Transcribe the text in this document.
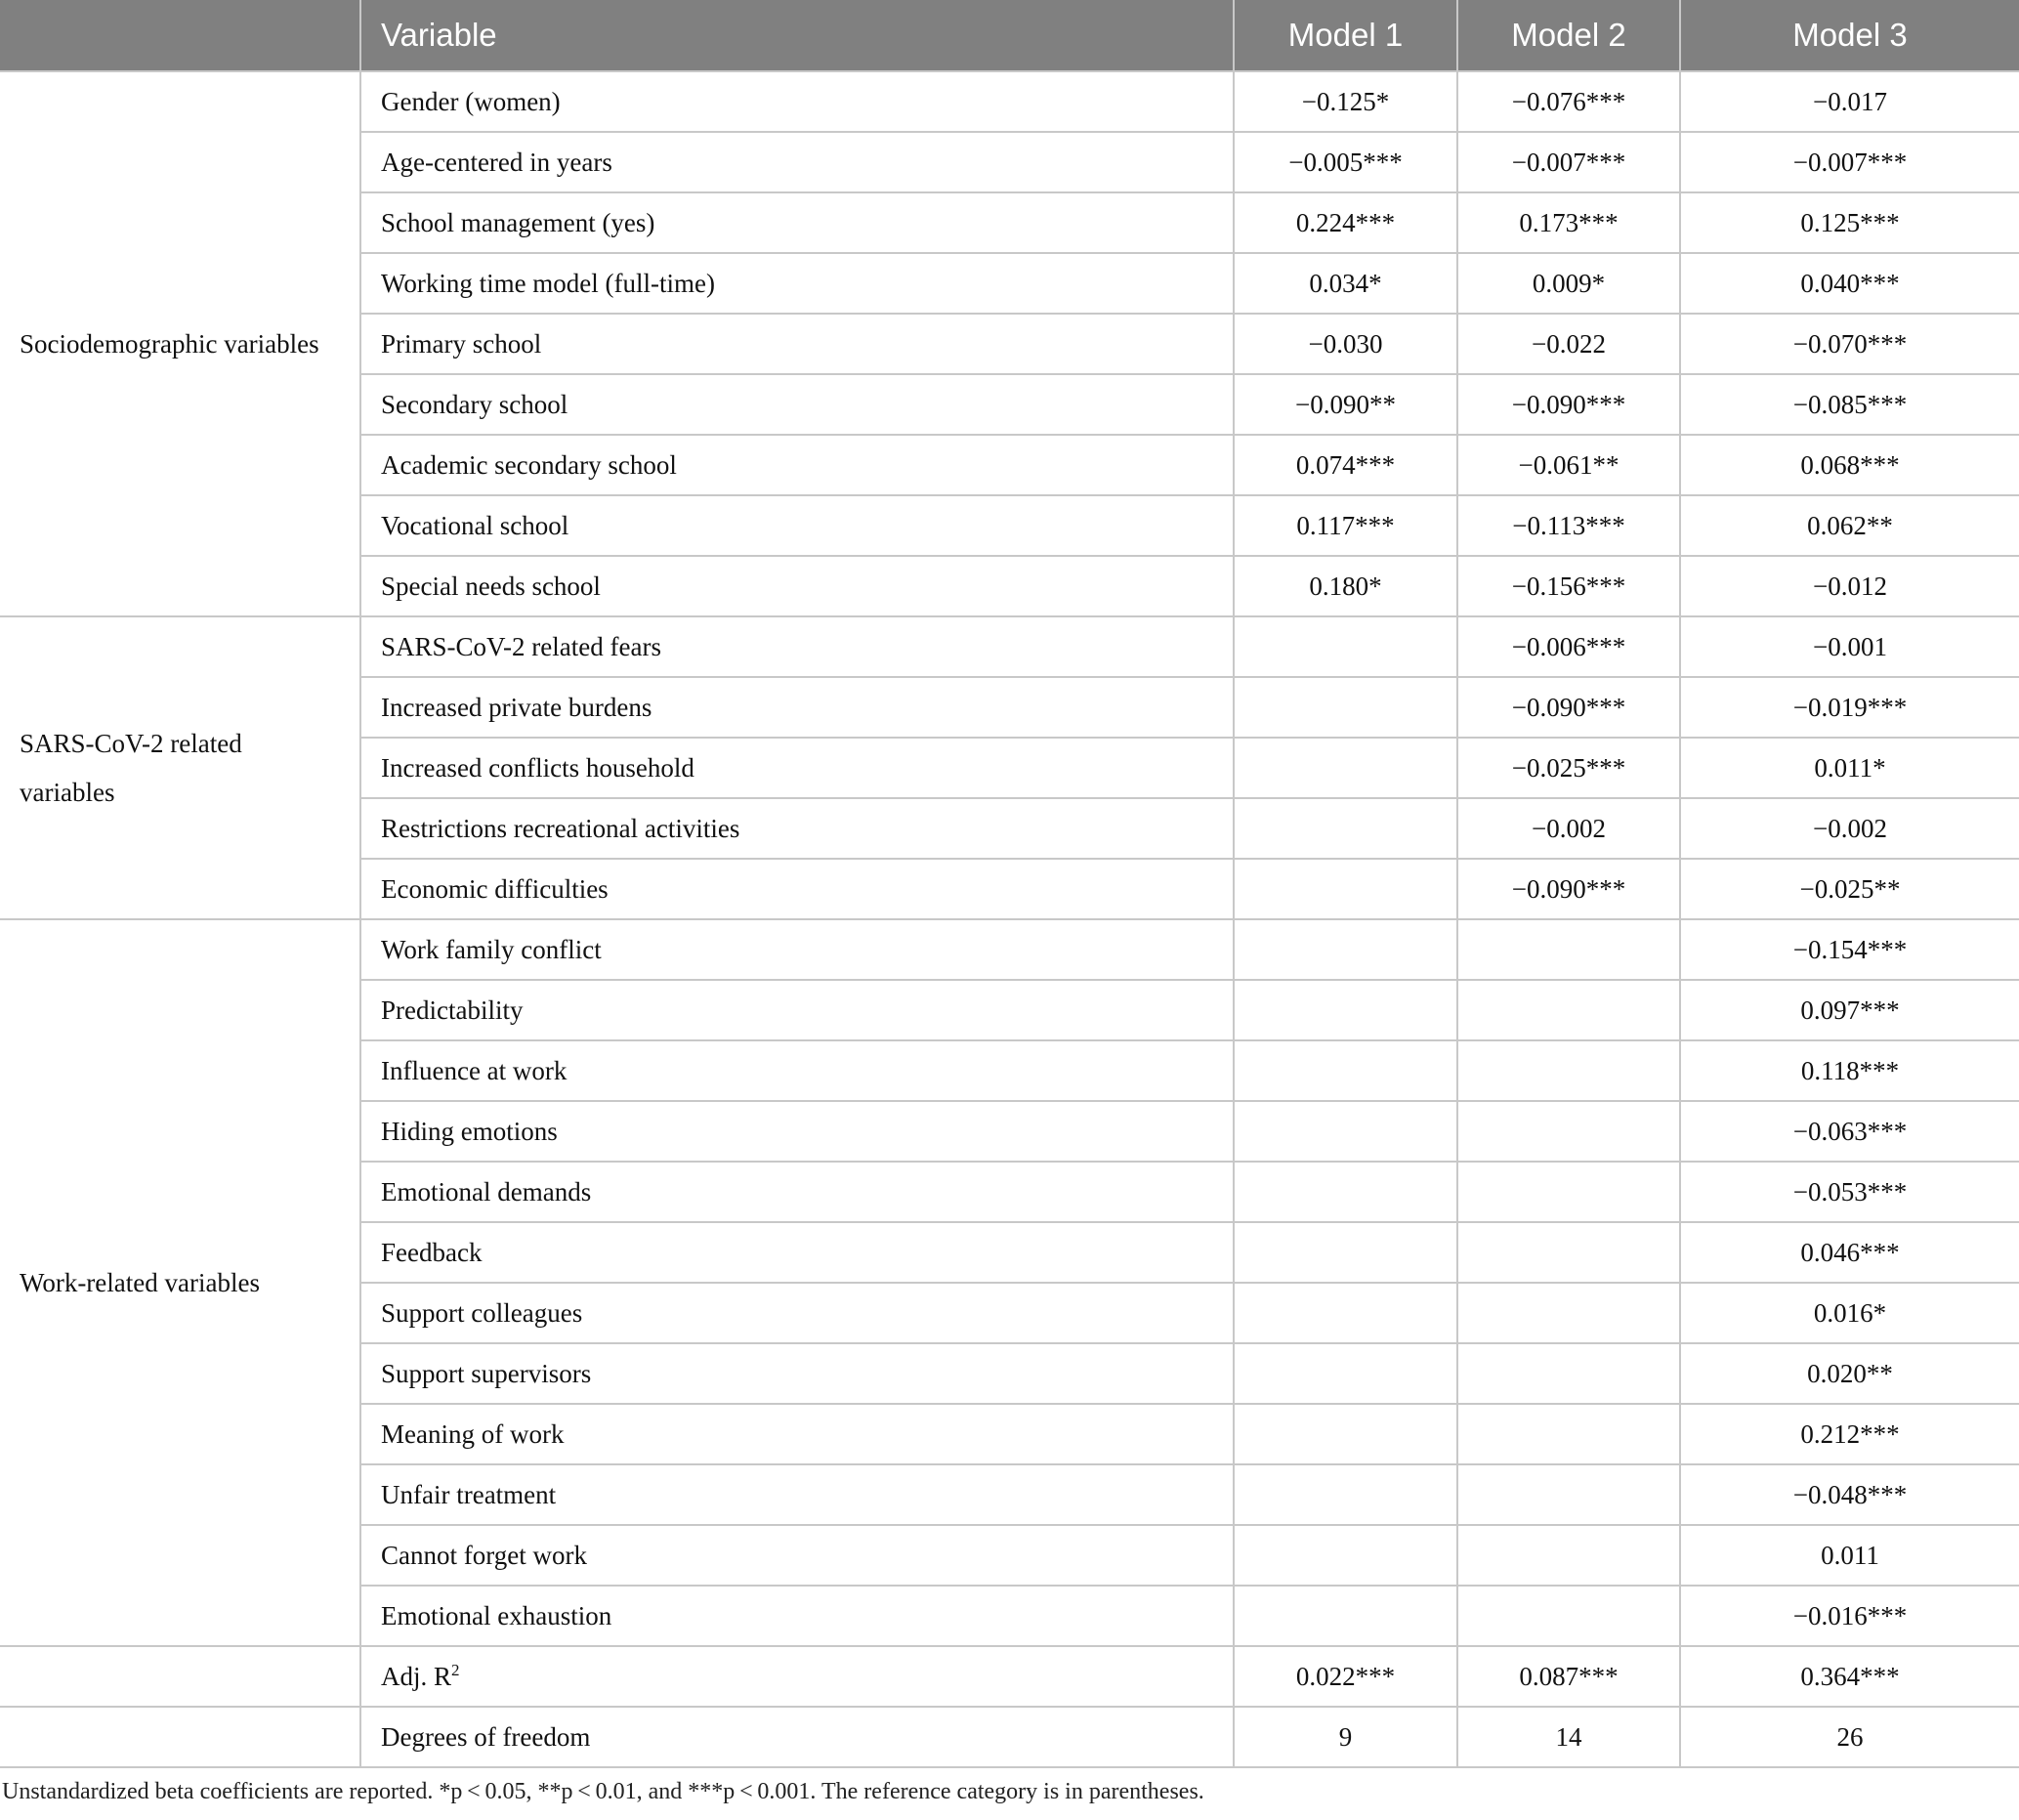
	Variable	Model 1	Model 2	Model 3
Sociodemographic variables	Gender (women)	−0.125*	−0.076***	−0.017
	Age-centered in years	−0.005***	−0.007***	−0.007***
	School management (yes)	0.224***	0.173***	0.125***
	Working time model (full-time)	0.034*	0.009*	0.040***
	Primary school	−0.030	−0.022	−0.070***
	Secondary school	−0.090**	−0.090***	−0.085***
	Academic secondary school	0.074***	−0.061**	0.068***
	Vocational school	0.117***	−0.113***	0.062**
	Special needs school	0.180*	−0.156***	−0.012
SARS-CoV-2 related variables	SARS-CoV-2 related fears		−0.006***	−0.001
	Increased private burdens		−0.090***	−0.019***
	Increased conflicts household		−0.025***	0.011*
	Restrictions recreational activities		−0.002	−0.002
	Economic difficulties		−0.090***	−0.025**
Work-related variables	Work family conflict			−0.154***
	Predictability			0.097***
	Influence at work			0.118***
	Hiding emotions			−0.063***
	Emotional demands			−0.053***
	Feedback			0.046***
	Support colleagues			0.016*
	Support supervisors			0.020**
	Meaning of work			0.212***
	Unfair treatment			−0.048***
	Cannot forget work			0.011
	Emotional exhaustion			−0.016***
	Adj. $R^2$	0.022***	0.087***	0.364***
	Degrees of freedom	9	14	26
Unstandardized beta coefficients are reported. *p < 0.05, **p < 0.01, and ***p < 0.001. The reference category is in parentheses.
